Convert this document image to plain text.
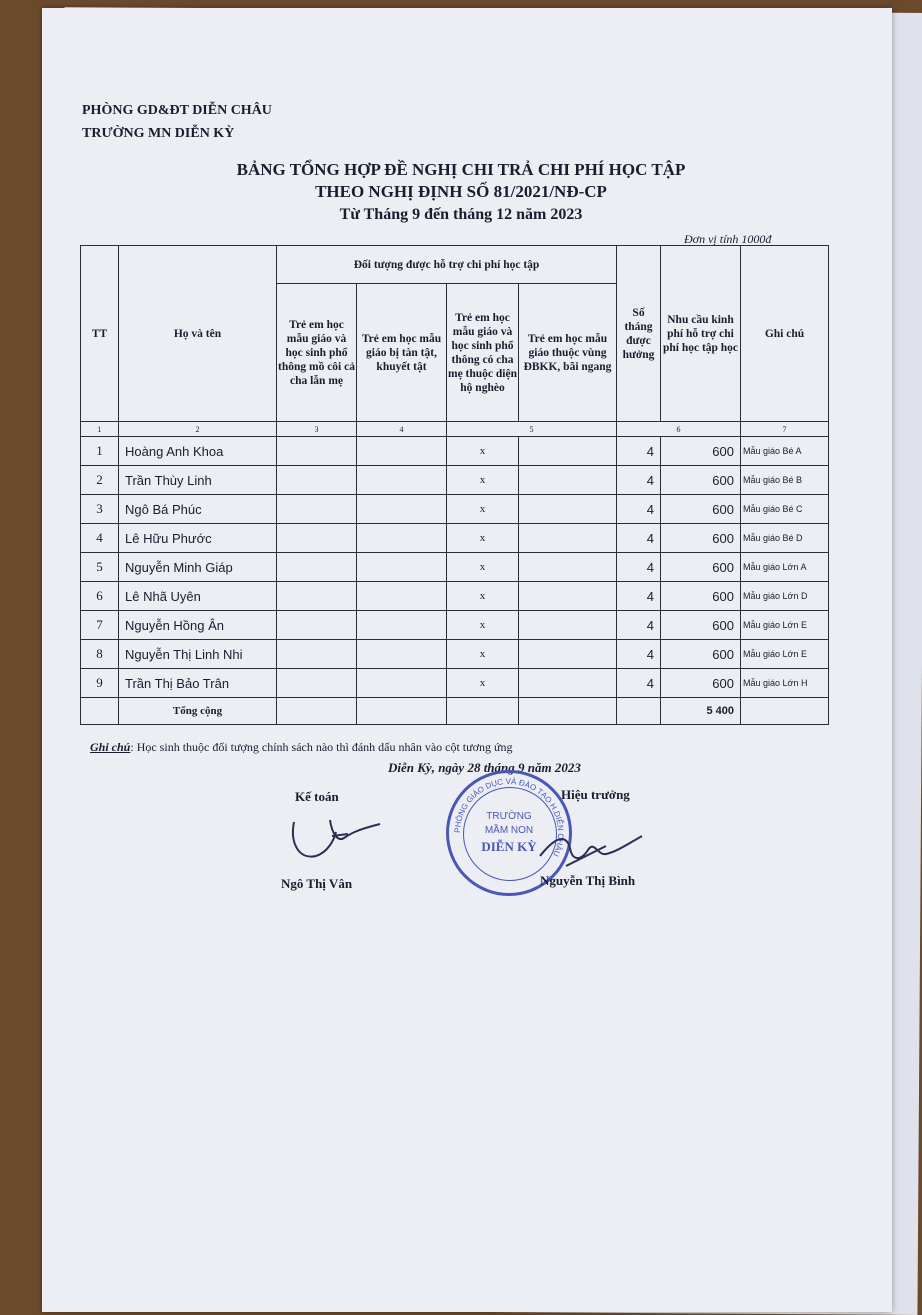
PHÒNG GD&ĐT DIỄN CHÂU
TRƯỜNG MN DIỄN KỲ
BẢNG TỔNG HỢP ĐỀ NGHỊ CHI TRẢ CHI PHÍ HỌC TẬP
THEO NGHỊ ĐỊNH SỐ 81/2021/NĐ-CP
Từ Tháng 9 đến tháng 12 năm 2023
Đơn vị tính 1000đ
TT	Họ và tên	Đối tượng được hỗ trợ chi phí học tập				Số tháng được hưởng	Nhu cầu kinh phí hỗ trợ chi phí học tập học	Ghi chú
		Trẻ em học mẫu giáo và học sinh phổ thông mồ côi cả cha lẫn mẹ	Trẻ em học mẫu giáo bị tàn tật, khuyết tật	Trẻ em học mẫu giáo và học sinh phổ thông có cha mẹ thuộc diện hộ nghèo	Trẻ em học mẫu giáo thuộc vùng ĐBKK, bãi ngang			
1	2	3	4	5		6		7
1	Hoàng Anh Khoa			x		4	600	Mẫu giáo Bé A
2	Trần Thùy Linh			x		4	600	Mẫu giáo Bé B
3	Ngô Bá Phúc			x		4	600	Mẫu giáo Bé C
4	Lê Hữu Phước			x		4	600	Mẫu giáo Bé D
5	Nguyễn Minh Giáp			x		4	600	Mẫu giáo Lớn A
6	Lê Nhã Uyên			x		4	600	Mẫu giáo Lớn D
7	Nguyễn Hồng Ân			x		4	600	Mẫu giáo Lớn E
8	Nguyễn Thị Linh Nhi			x		4	600	Mẫu giáo Lớn E
9	Trần Thị Bảo Trân			x		4	600	Mẫu giáo Lớn H
	Tổng cộng						5 400	
Ghi chú: Học sinh thuộc đối tượng chính sách nào thì đánh dấu nhân vào cột tương ứng
Diễn Kỳ, ngày 28 tháng 9 năm 2023
Kế toán	Hiệu trưởng
PHÒNG GIÁO DỤC VÀ ĐÀO TẠO H.DIỄN CHÂU
TRƯỜNG
MẦM NON
DIỄN KỲ
Ngô Thị Vân	Nguyễn Thị Bình
